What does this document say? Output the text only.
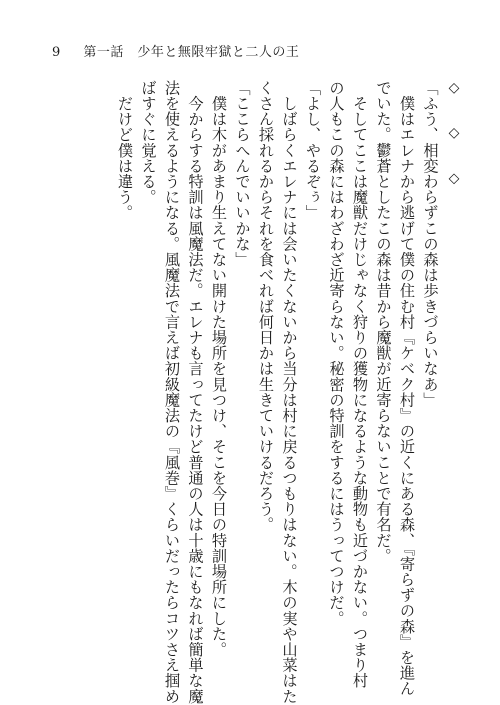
9 第一話　少年と無限牢獄と二人の王
◇　　◇　　◇
「ふう、相変わらずこの森は歩きづらいなあ」
　僕はエレナから逃げて僕の住む村『ケベク村』の近くにある森、『寄らずの森』を進ん
でいた。鬱蒼としたこの森は昔から魔獣が近寄らないことで有名だ。
　そしてここは魔獣だけじゃなく狩りの獲物になるような動物も近づかない。つまり村
の人もこの森にはわざわざ近寄らない。秘密の特訓をするにはうってつけだ。
「よし、やるぞぅ」
　しばらくエレナには会いたくないから当分は村に戻るつもりはない。木の実や山菜はた
くさん採れるからそれを食べれば何日かは生きていけるだろう。
「ここらへんでいいかな」
　僕は木があまり生えてない開けた場所を見つけ、そこを今日の特訓場所にした。
　今からする特訓は風魔法だ。エレナも言ってたけど普通の人は十歳にもなれば簡単な魔
法を使えるようになる。風魔法で言えば初級魔法の『風巻』くらいだったらコツさえ掴め
ばすぐに覚える。
　だけど僕は違う。
